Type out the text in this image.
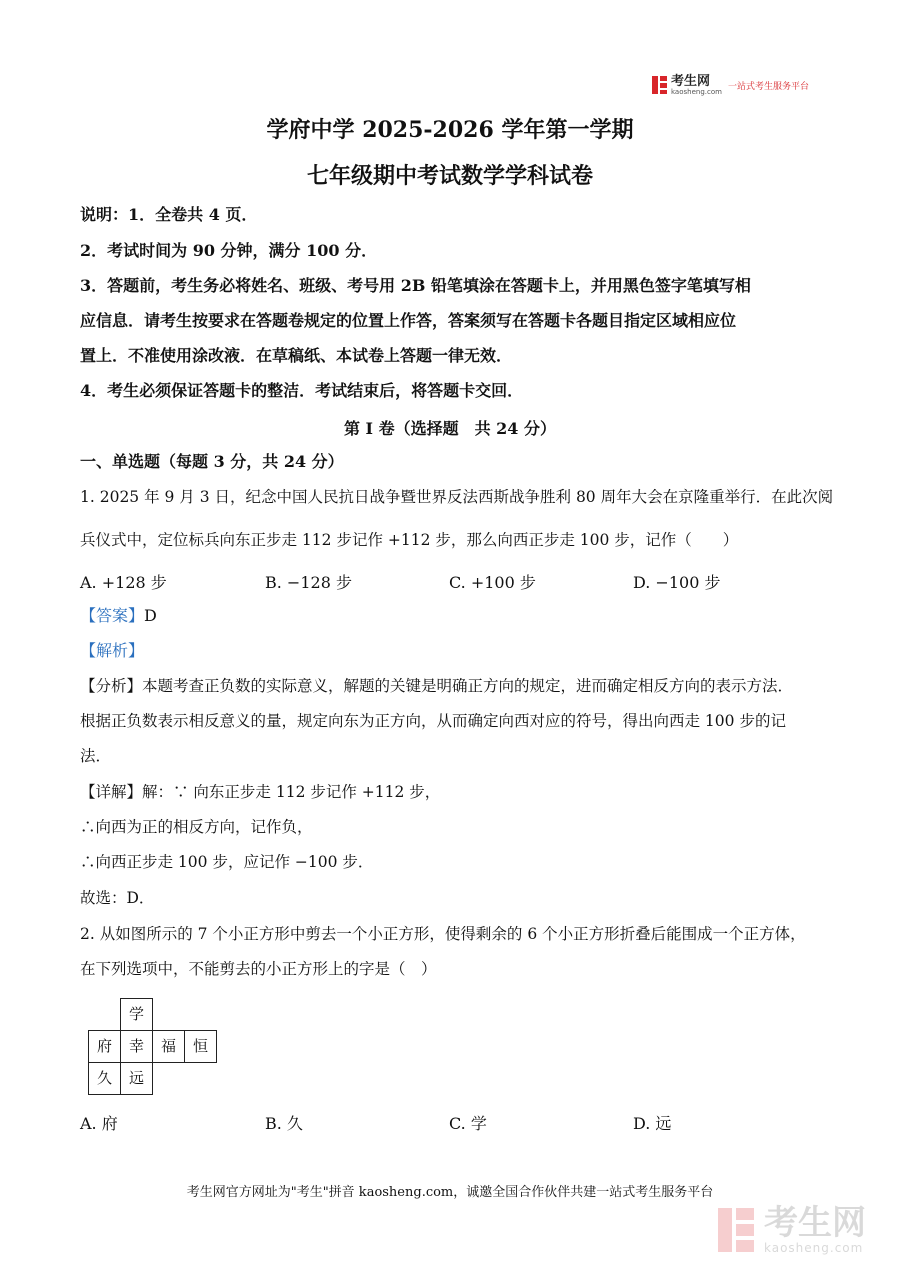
考生网
kaosheng.com 一站式考生服务平台
学府中学 2025-2026 学年第一学期
七年级期中考试数学学科试卷
说明：1．全卷共 4 页．
2．考试时间为 90 分钟，满分 100 分．
3．答题前，考生务必将姓名、班级、考号用 2B 铅笔填涂在答题卡上，并用黑色签字笔填写相
应信息．请考生按要求在答题卷规定的位置上作答，答案须写在答题卡各题目指定区域相应位
置上．不准使用涂改液．在草稿纸、本试卷上答题一律无效．
4．考生必须保证答题卡的整洁．考试结束后，将答题卡交回．
第 I 卷（选择题　共 24 分）
一、单选题（每题 3 分，共 24 分）
1. 2025 年 9 月 3 日，纪念中国人民抗日战争暨世界反法西斯战争胜利 80 周年大会在京隆重举行．在此次阅
兵仪式中，定位标兵向东正步走 112 步记作 +112 步，那么向西正步走 100 步，记作（　　）
A. +128 步	B. −128 步	C. +100 步	D. −100 步
【答案】D
【解析】
【分析】本题考查正负数的实际意义，解题的关键是明确正方向的规定，进而确定相反方向的表示方法．
根据正负数表示相反意义的量，规定向东为正方向，从而确定向西对应的符号，得出向西走 100 步的记
法．
【详解】解：∵ 向东正步走 112 步记作 +112 步，
∴向西为正的相反方向，记作负，
∴向西正步走 100 步，应记作 −100 步．
故选：D．
2. 从如图所示的 7 个小正方形中剪去一个小正方形，使得剩余的 6 个小正方形折叠后能围成一个正方体，
在下列选项中，不能剪去的小正方形上的字是（　）
学
府	幸	福	恒
久	远
A. 府	B. 久	C. 学	D. 远
考生网官方网址为"考生"拼音 kaosheng.com，诚邀全国合作伙伴共建一站式考生服务平台
考生网
kaosheng.com
